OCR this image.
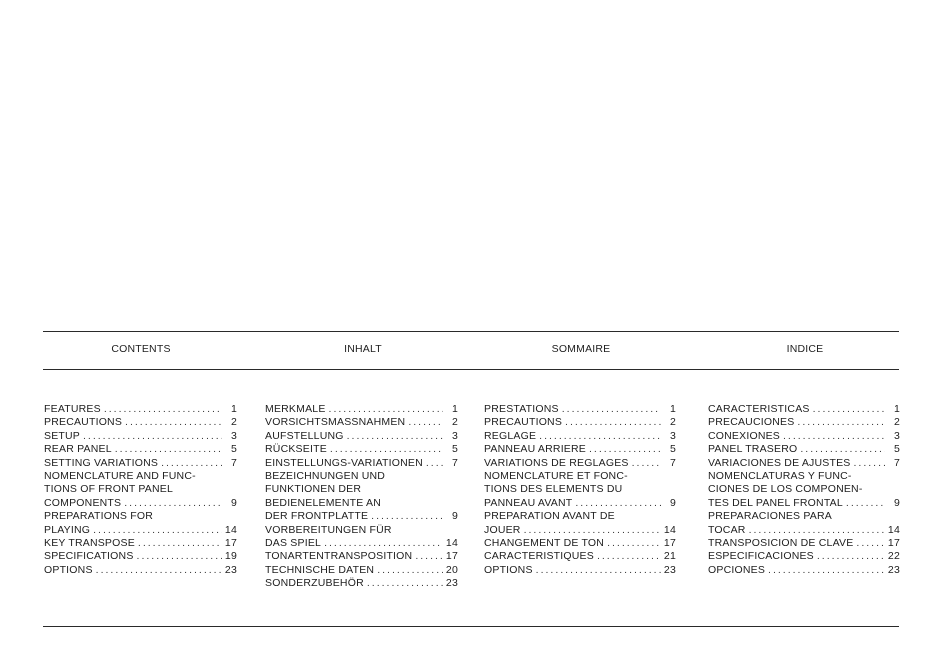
CONTENTS	INHALT	SOMMAIRE	INDICE
FEATURES .....	1
PRECAUTIONS .....	2
SETUP .....	3
REAR PANEL .....	5
SETTING VARIATIONS .....	7
NOMENCLATURE AND FUNC-
TIONS OF FRONT PANEL
COMPONENTS .....	9
PREPARATIONS FOR
PLAYING .....	14
KEY TRANSPOSE .....	17
SPECIFICATIONS .....	19
OPTIONS .....	23
MERKMALE .....	1
VORSICHTSMASSNAHMEN .....	2
AUFSTELLUNG .....	3
RÜCKSEITE .....	5
EINSTELLUNGS-VARIATIONEN .....	7
BEZEICHNUNGEN UND
FUNKTIONEN DER
BEDIENELEMENTE AN
DER FRONTPLATTE .....	9
VORBEREITUNGEN FÜR
DAS SPIEL .....	14
TONARTENTRANSPOSITION .....	17
TECHNISCHE DATEN .....	20
SONDERZUBEHÖR .....	23
PRESTATIONS .....	1
PRECAUTIONS .....	2
REGLAGE .....	3
PANNEAU ARRIERE .....	5
VARIATIONS DE REGLAGES .....	7
NOMENCLATURE ET FONC-
TIONS DES ELEMENTS DU
PANNEAU AVANT .....	9
PREPARATION AVANT DE
JOUER .....	14
CHANGEMENT DE TON .....	17
CARACTERISTIQUES .....	21
OPTIONS .....	23
CARACTERISTICAS .....	1
PRECAUCIONES .....	2
CONEXIONES .....	3
PANEL TRASERO .....	5
VARIACIONES DE AJUSTES .....	7
NOMENCLATURAS Y FUNC-
CIONES DE LOS COMPONEN-
TES DEL PANEL FRONTAL .....	9
PREPARACIONES PARA
TOCAR .....	14
TRANSPOSICION DE CLAVE .....	17
ESPECIFICACIONES .....	22
OPCIONES .....	23
